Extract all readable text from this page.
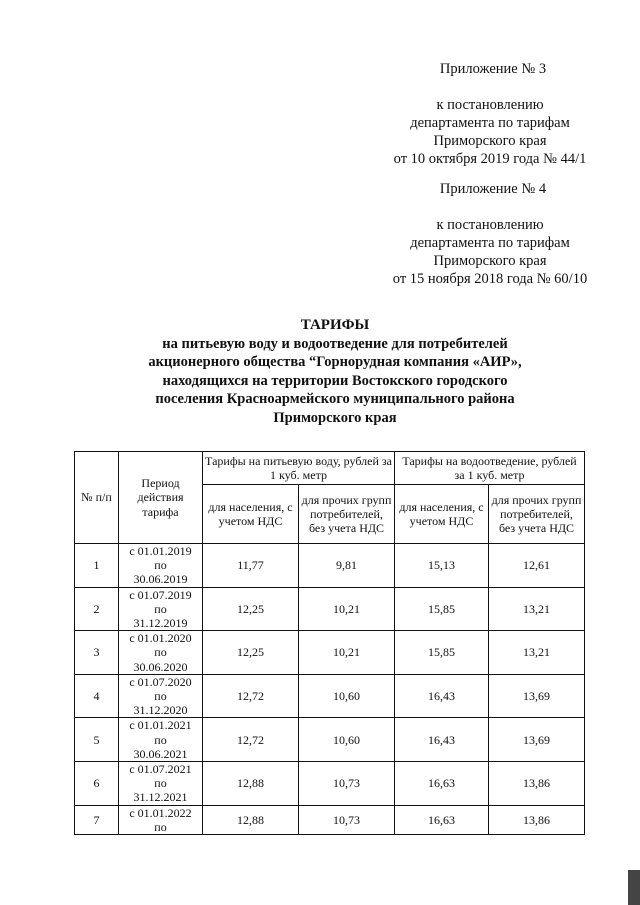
Приложение № 3
к постановлению
департамента по тарифам
Приморского края
от 10 октября 2019 года № 44/1
Приложение № 4
к постановлению
департамента по тарифам
Приморского края
от 15 ноября 2018 года № 60/10
ТАРИФЫ
на питьевую воду и водоотведение для потребителей
акционерного общества “Горнорудная компания «АИР»,
находящихся на территории Востокского городского
поселения Красноармейского муниципального района
Приморского края
№ п/п	Период действия тарифа	Тарифы на питьевую воду, рублей за 1 куб. метр		Тарифы на водоотведение, рублей за 1 куб. метр	
		для населения, с учетом НДС	для прочих групп потребителей, без учета НДС	для населения, с учетом НДС	для прочих групп потребителей, без учета НДС
1	с 01.01.2019
по
30.06.2019	11,77	9,81	15,13	12,61
2	с 01.07.2019
по
31.12.2019	12,25	10,21	15,85	13,21
3	с 01.01.2020
по
30.06.2020	12,25	10,21	15,85	13,21
4	с 01.07.2020
по
31.12.2020	12,72	10,60	16,43	13,69
5	с 01.01.2021
по
30.06.2021	12,72	10,60	16,43	13,69
6	с 01.07.2021
по
31.12.2021	12,88	10,73	16,63	13,86
7	с 01.01.2022
по	12,88	10,73	16,63	13,86
